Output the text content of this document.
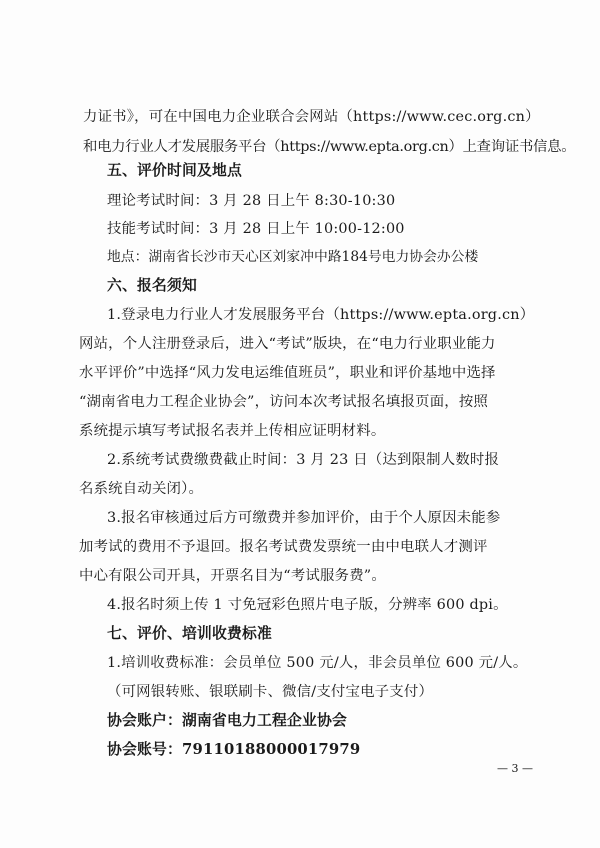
力证书》，可在中国电力企业联合会网站（https://www.cec.org.cn）
和电力行业人才发展服务平台（https://www.epta.org.cn）上查询证书信息。
五、评价时间及地点
理论考试时间：3 月 28 日上午 8:30-10:30
技能考试时间：3 月 28 日上午 10:00-12:00
地点：湖南省长沙市天心区刘家冲中路184号电力协会办公楼
六、报名须知
1.登录电力行业人才发展服务平台（https://www.epta.org.cn）
网站，个人注册登录后，进入“考试”版块，在“电力行业职业能力
水平评价”中选择“风力发电运维值班员”，职业和评价基地中选择
“湖南省电力工程企业协会”，访问本次考试报名填报页面，按照
系统提示填写考试报名表并上传相应证明材料。
2.系统考试费缴费截止时间：3 月 23 日（达到限制人数时报
名系统自动关闭）。
3.报名审核通过后方可缴费并参加评价，由于个人原因未能参
加考试的费用不予退回。报名考试费发票统一由中电联人才测评
中心有限公司开具，开票名目为“考试服务费”。
4.报名时须上传 1 寸免冠彩色照片电子版，分辨率 600 dpi。
七、评价、培训收费标准
1.培训收费标准：会员单位 500 元/人，非会员单位 600 元/人。
（可网银转账、银联刷卡、微信/支付宝电子支付）
协会账户：湖南省电力工程企业协会
协会账号：79110188000017979
— 3 —
